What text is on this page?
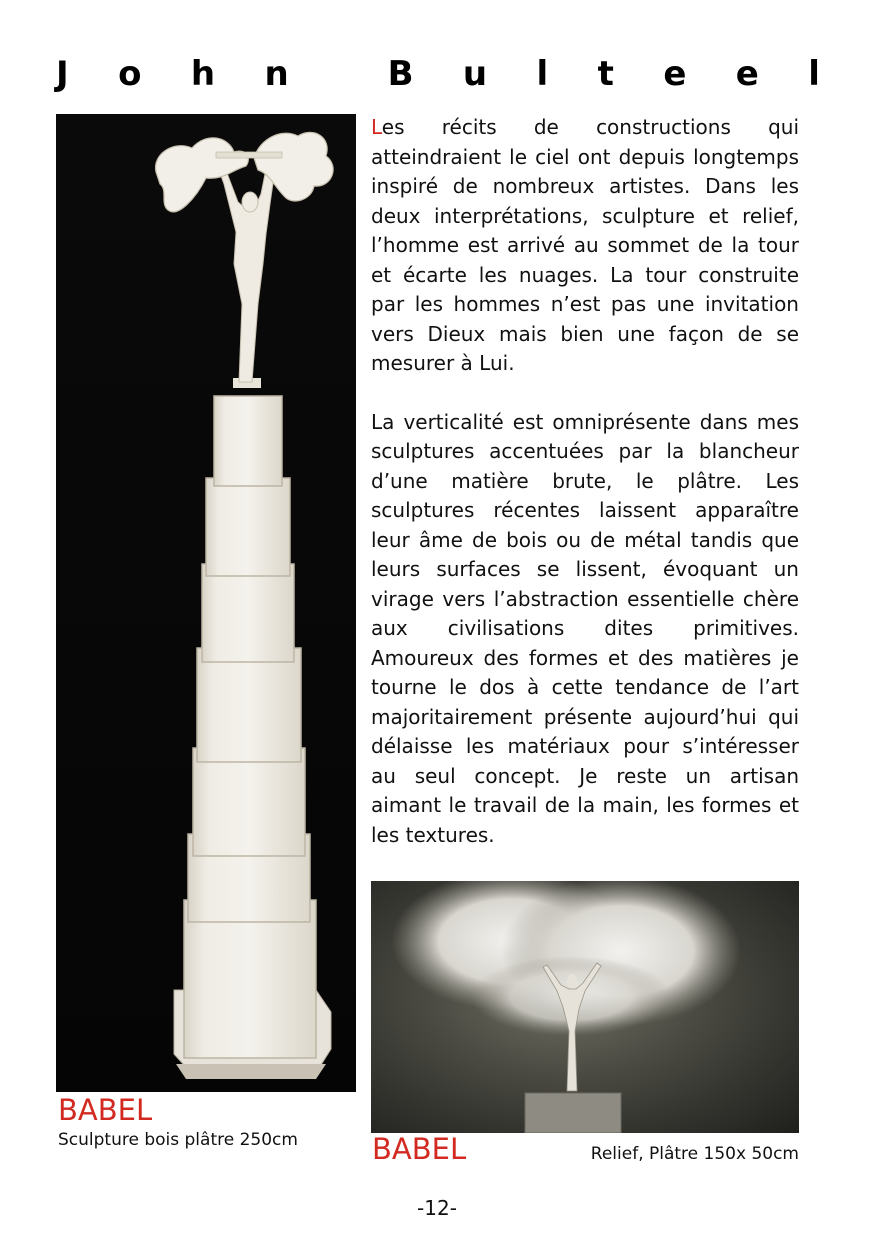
J o h n	B u l t e e l

Les récits de constructions qui atteindraient le ciel ont depuis longtemps inspiré de nombreux artistes. Dans les deux interprétations, sculpture et relief, l’homme est arrivé au sommet de la tour et écarte les nuages. La tour construite par les hommes n’est pas une invitation vers Dieux mais bien une façon de se mesurer à Lui.

La verticalité est omniprésente dans mes sculptures accentuées par la blancheur d’une matière brute, le plâtre. Les sculptures récentes laissent apparaître leur âme de bois ou de métal tandis que leurs surfaces se lissent, évoquant un virage vers l’abstraction essentielle chère aux civilisations dites primitives. Amoureux des formes et des matières je tourne le dos à cette tendance de l’art majoritairement présente aujourd’hui qui délaisse les matériaux pour s’intéresser au seul concept. Je reste un artisan aimant le travail de la main, les formes et les textures.

BABEL
Sculpture bois plâtre 250cm	BABEL	Relief, Plâtre 150x 50cm
-12-
